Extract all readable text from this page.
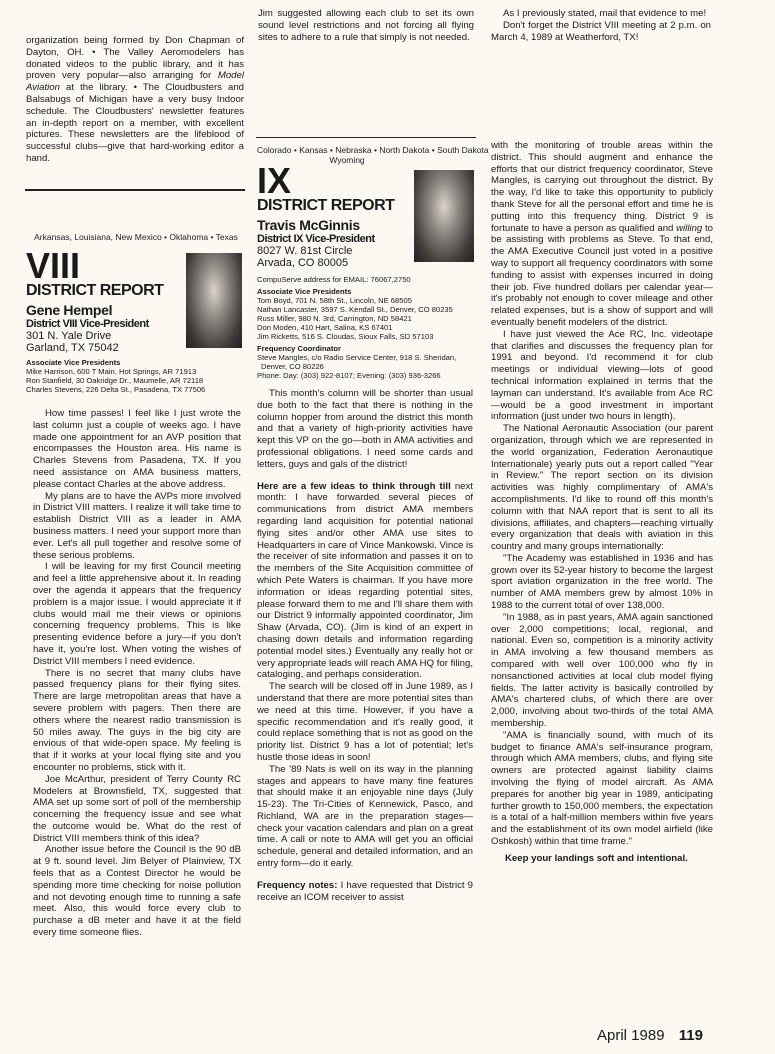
organization being formed by Don Chapman of Dayton, OH. • The Valley Aeromodelers has donated videos to the public library, and it has proven very popular—also arranging for Model Aviation at the library. • The Cloudbusters and Balsabugs of Michigan have a very busy Indoor schedule. The Cloudbusters' newsletter features an in-depth report on a member, with excellent pictures. These newsletters are the lifeblood of successful clubs—give that hard-working editor a hand.

Arkansas, Louisiana, New Mexico • Oklahoma • Texas
VIII
DISTRICT REPORT
Gene Hempel
District VIII Vice-President
301 N. Yale Drive
Garland, TX 75042
Associate Vice Presidents
Mike Harrison, 600 T Main, Hot Springs, AR 71913
Ron Stanfield, 30 Oakridge Dr., Maumelle, AR 72118
Charles Stevens, 226 Delta St., Pasadena, TX 77506

How time passes! I feel like I just wrote the last column just a couple of weeks ago. I have made one appointment for an AVP position that encompasses the Houston area. His name is Charles Stevens from Pasadena, TX. If you need assistance on AMA business matters, please contact Charles at the above address.

My plans are to have the AVPs more involved in District VIII matters. I realize it will take time to establish District VIII as a leader in AMA business matters. I need your support more than ever. Let's all pull together and resolve some of these serious problems.

I will be leaving for my first Council meeting and feel a little apprehensive about it. In reading over the agenda it appears that the frequency problem is a major issue. I would appreciate it if clubs would mail me their views or opinions concerning frequency problems. This is like presenting evidence before a jury—if you don't have it, you're lost. When voting the wishes of District VIII members I need evidence.

There is no secret that many clubs have passed frequency plans for their flying sites. There are large metropolitan areas that have a severe problem with pagers. Then there are others where the nearest radio transmission is 50 miles away. The guys in the big city are envious of that wide-open space. My feeling is that if it works at your local flying site and you encounter no problems, stick with it.

Joe McArthur, president of Terry County RC Modelers at Brownsfield, TX, suggested that AMA set up some sort of poll of the membership concerning the frequency issue and see what the outcome would be. What do the rest of District VIII members think of this idea?

Another issue before the Council is the 90 dB at 9 ft. sound level. Jim Belyer of Plainview, TX feels that as a Contest Director he would be spending more time checking for noise pollution and not devoting enough time to running a safe meet. Also, this would force every club to purchase a dB meter and have it at the field every time someone flies.

Jim suggested allowing each club to set its own sound level restrictions and not forcing all flying sites to adhere to a rule that simply is not needed.

Colorado • Kansas • Nebraska • North Dakota • South Dakota
Wyoming
IX
DISTRICT REPORT
Travis McGinnis
District IX Vice-President
8027 W. 81st Circle
Arvada, CO 80005
CompuServe address for EMAIL: 76067,2750
Associate Vice Presidents
Tom Boyd, 701 N. 58th St., Lincoln, NE 68505
Nathan Lancaster, 3597 S. Kendall St., Denver, CO 80235
Russ Miller, 980 N. 3rd, Carrington, ND 58421
Don Moden, 410 Hart, Salina, KS 67401
Jim Ricketts, 516 S. Cloudas, Sioux Falls, SD 57103
Frequency Coordinator
Steve Mangles, c/o Radio Service Center, 918 S. Sheridan,
Denver, CO 80226
Phone: Day: (303) 922-8107; Evening: (303) 936-3266

This month's column will be shorter than usual due both to the fact that there is nothing in the column hopper from around the district this month and that a variety of high-priority activities have kept this VP on the go—both in AMA activities and professional obligations. I need some cards and letters, guys and gals of the district!

Here are a few ideas to think through till next month: I have forwarded several pieces of communications from district AMA members regarding land acquisition for potential national flying sites and/or other AMA use sites to Headquarters in care of Vince Mankowski. Vince is the receiver of site information and passes it on to the members of the Site Acquisition committee of which Pete Waters is chairman. If you have more information or ideas regarding potential sites, please forward them to me and I'll share them with our District 9 informally appointed coordinator, Jim Shaw (Arvada, CO). (Jim is kind of an expert in chasing down details and information regarding potential model sites.) Eventually any really hot or very appropriate leads will reach AMA HQ for filing, cataloging, and perhaps consideration.

The search will be closed off in June 1989, as I understand that there are more potential sites than we need at this time. However, if you have a specific recommendation and it's really good, it could replace something that is not as good on the priority list. District 9 has a lot of potential; let's hustle those ideas in soon!

The '89 Nats is well on its way in the planning stages and appears to have many fine features that should make it an enjoyable nine days (July 15-23). The Tri-Cities of Kennewick, Pasco, and Richland, WA are in the preparation stages—check your vacation calendars and plan on a great time. A call or note to AMA will get you an official schedule, general and detailed information, and an entry form—do it early.

Frequency notes: I have requested that District 9 receive an ICOM receiver to assist

As I previously stated, mail that evidence to me!

Don't forget the District VIII meeting at 2 p.m. on March 4, 1989 at Weatherford, TX!

with the monitoring of trouble areas within the district. This should augment and enhance the efforts that our district frequency coordinator, Steve Mangles, is carrying out throughout the district. By the way, I'd like to take this opportunity to publicly thank Steve for all the personal effort and time he is putting into this frequency thing. District 9 is fortunate to have a person as qualified and willing to be assisting with problems as Steve. To that end, the AMA Executive Council just voted in a positive way to support all frequency coordinators with some funding to assist with expenses incurred in doing their job. Five hundred dollars per calendar year—it's probably not enough to cover mileage and other related expenses, but is a show of support and will eventually benefit modelers of the district.

I have just viewed the Ace RC, Inc. videotape that clarifies and discusses the frequency plan for 1991 and beyond. I'd recommend it for club meetings or individual viewing—lots of good technical information explained in terms that the layman can understand. It's available from Ace RC—would be a good investment in important information (just under two hours in length).

The National Aeronautic Association (our parent organization, through which we are represented in the world organization, Federation Aeronautique Internationale) yearly puts out a report called "Year in Review." The report section on its division activities was highly complimentary of AMA's accomplishments. I'd like to round off this month's column with that NAA report that is sent to all its divisions, affiliates, and chapters—reaching virtually every organization that deals with aviation in this country and many groups internationally:

"The Academy was established in 1936 and has grown over its 52-year history to become the largest sport aviation organization in the free world. The number of AMA members grew by almost 10% in 1988 to the current total of over 138,000.

"In 1988, as in past years, AMA again sanctioned over 2,000 competitions; local, regional, and national. Even so, competition is a minority activity in AMA involving a few thousand members as compared with well over 100,000 who fly in nonsanctioned activities at local club model flying fields. The latter activity is basically controlled by AMA's chartered clubs, of which there are over 2,000, involving about two-thirds of the total AMA membership.

"AMA is financially sound, with much of its budget to finance AMA's self-insurance program, through which AMA members, clubs, and flying site owners are protected against liability claims involving the flying of model aircraft. As AMA prepares for another big year in 1989, anticipating further growth to 150,000 members, the expectation is a total of a half-million members within five years and the establishment of its own model airfield (like Oshkosh) within that time frame."

Keep your landings soft and intentional.

April 1989 119
